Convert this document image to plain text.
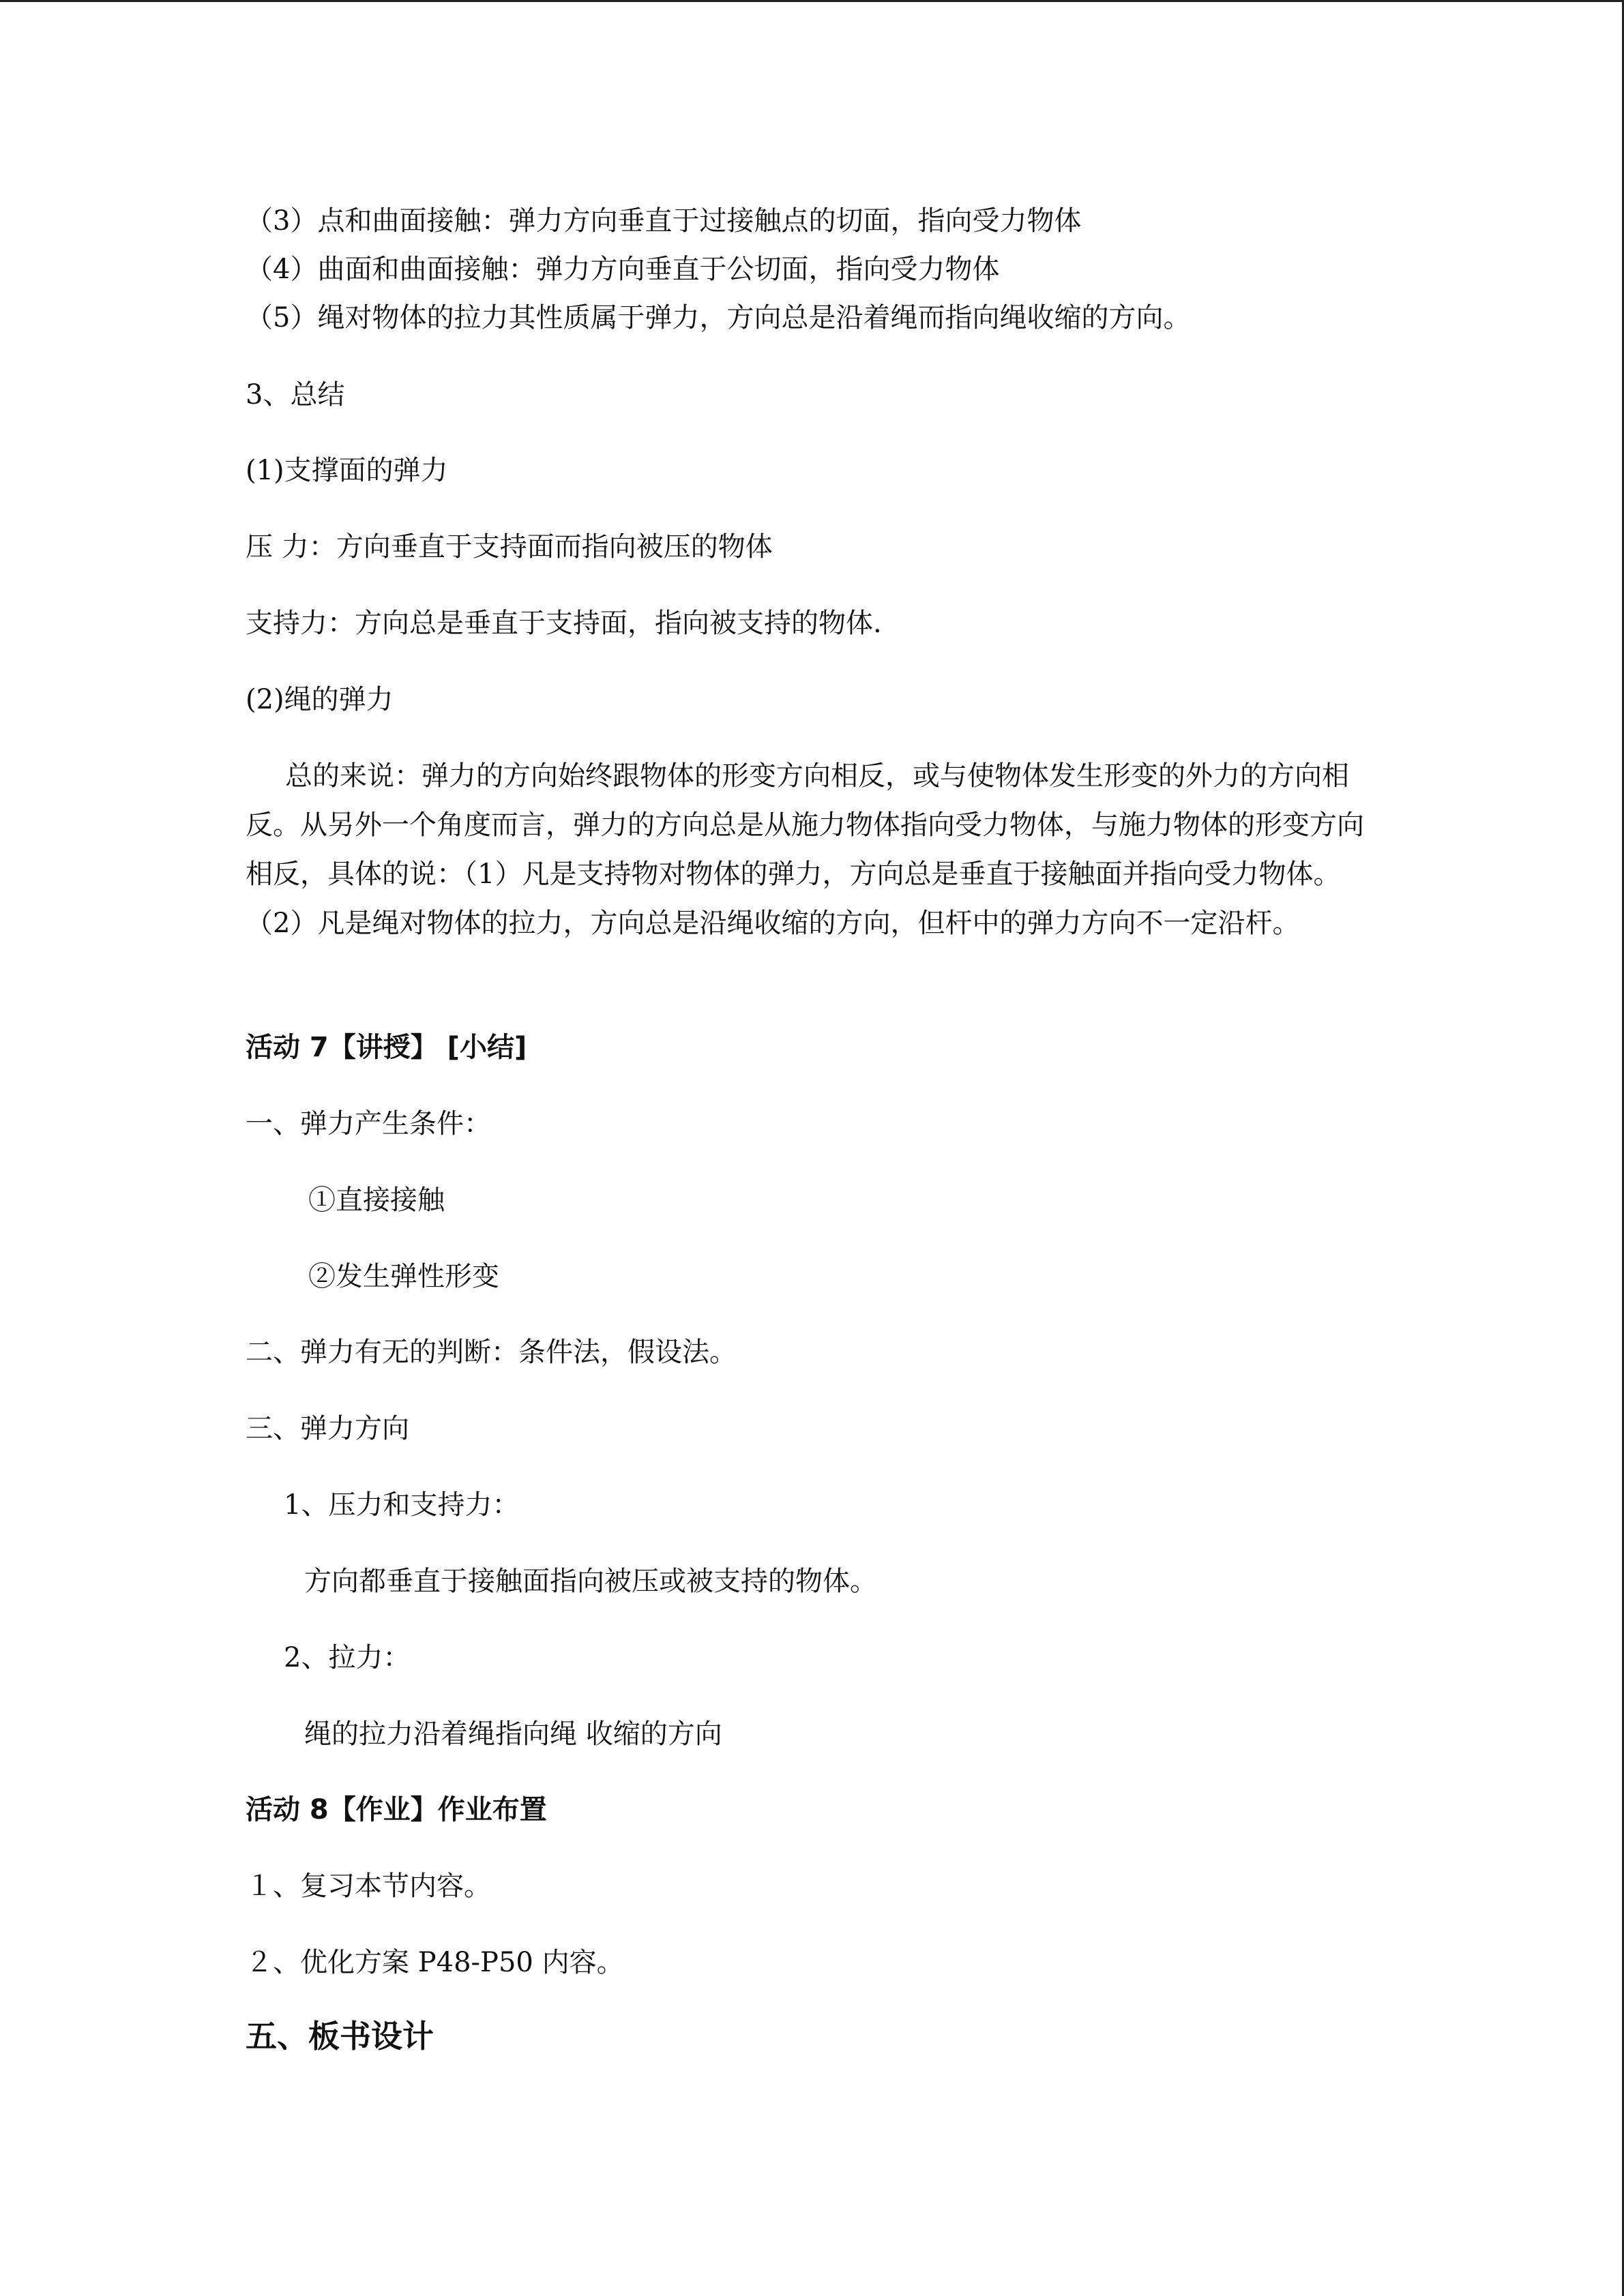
（3）点和曲面接触：弹力方向垂直于过接触点的切面，指向受力物体
（4）曲面和曲面接触：弹力方向垂直于公切面，指向受力物体
（5）绳对物体的拉力其性质属于弹力，方向总是沿着绳而指向绳收缩的方向。
3、总结
(1)支撑面的弹力
压 力：方向垂直于支持面而指向被压的物体
支持力：方向总是垂直于支持面，指向被支持的物体.
(2)绳的弹力
总的来说：弹力的方向始终跟物体的形变方向相反，或与使物体发生形变的外力的方向相反。从另外一个角度而言，弹力的方向总是从施力物体指向受力物体，与施力物体的形变方向相反，具体的说：（1）凡是支持物对物体的弹力，方向总是垂直于接触面并指向受力物体。（2）凡是绳对物体的拉力，方向总是沿绳收缩的方向，但杆中的弹力方向不一定沿杆。
活动 7【讲授】 [小结]
一、弹力产生条件：
①直接接触
②发生弹性形变
二、弹力有无的判断：条件法，假设法。
三、弹力方向
1、压力和支持力：
方向都垂直于接触面指向被压或被支持的物体。
2、拉力：
绳的拉力沿着绳指向绳 收缩的方向
活动 8【作业】作业布置
１、复习本节内容。
２、优化方案 P48-P50 内容。
五、板书设计
